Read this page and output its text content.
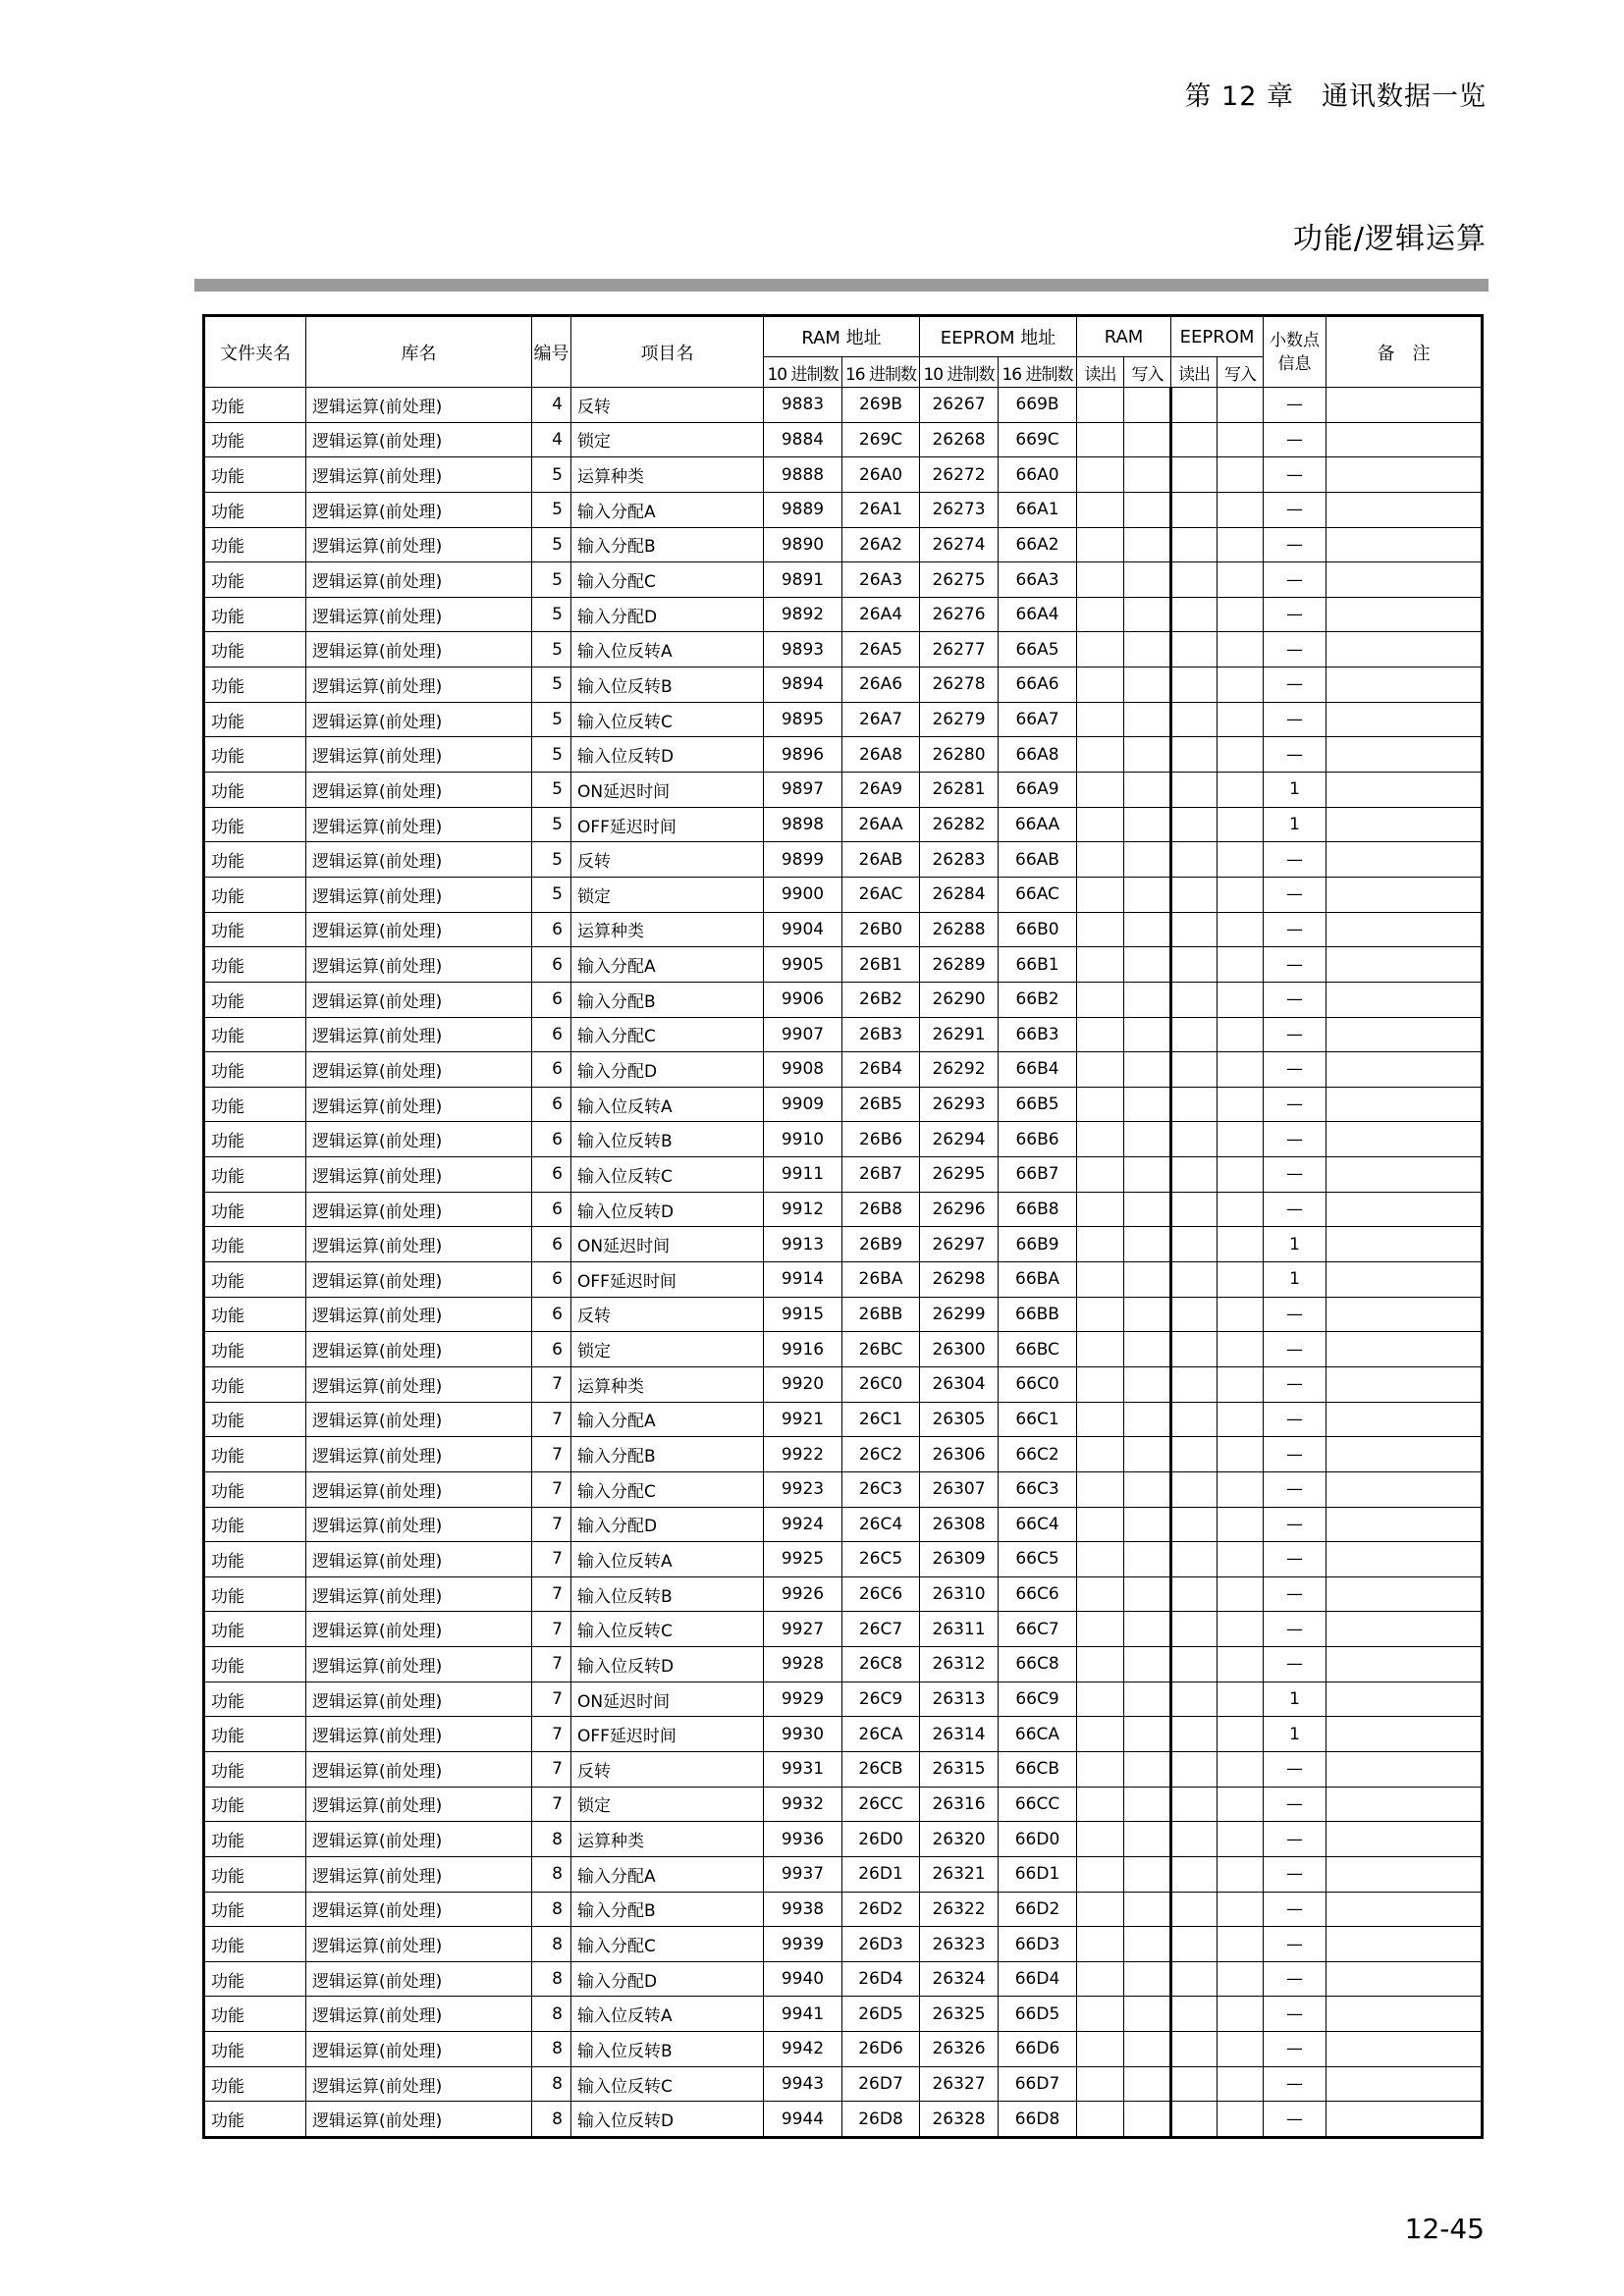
第 12 章　通讯数据一览
功能/逻辑运算
文件夹名	库名	编号	项目名	RAM 地址		EEPROM 地址		RAM		EEPROM		小数点信息	备　注
				10 进制数	16 进制数	10 进制数	16 进制数	读出	写入	读出	写入		
功能	逻辑运算(前处理)	4	反转	9883	269B	26267	669B					—	
功能	逻辑运算(前处理)	4	锁定	9884	269C	26268	669C					—	
功能	逻辑运算(前处理)	5	运算种类	9888	26A0	26272	66A0					—	
功能	逻辑运算(前处理)	5	输入分配A	9889	26A1	26273	66A1					—	
功能	逻辑运算(前处理)	5	输入分配B	9890	26A2	26274	66A2					—	
功能	逻辑运算(前处理)	5	输入分配C	9891	26A3	26275	66A3					—	
功能	逻辑运算(前处理)	5	输入分配D	9892	26A4	26276	66A4					—	
功能	逻辑运算(前处理)	5	输入位反转A	9893	26A5	26277	66A5					—	
功能	逻辑运算(前处理)	5	输入位反转B	9894	26A6	26278	66A6					—	
功能	逻辑运算(前处理)	5	输入位反转C	9895	26A7	26279	66A7					—	
功能	逻辑运算(前处理)	5	输入位反转D	9896	26A8	26280	66A8					—	
功能	逻辑运算(前处理)	5	ON延迟时间	9897	26A9	26281	66A9					1	
功能	逻辑运算(前处理)	5	OFF延迟时间	9898	26AA	26282	66AA					1	
功能	逻辑运算(前处理)	5	反转	9899	26AB	26283	66AB					—	
功能	逻辑运算(前处理)	5	锁定	9900	26AC	26284	66AC					—	
功能	逻辑运算(前处理)	6	运算种类	9904	26B0	26288	66B0					—	
功能	逻辑运算(前处理)	6	输入分配A	9905	26B1	26289	66B1					—	
功能	逻辑运算(前处理)	6	输入分配B	9906	26B2	26290	66B2					—	
功能	逻辑运算(前处理)	6	输入分配C	9907	26B3	26291	66B3					—	
功能	逻辑运算(前处理)	6	输入分配D	9908	26B4	26292	66B4					—	
功能	逻辑运算(前处理)	6	输入位反转A	9909	26B5	26293	66B5					—	
功能	逻辑运算(前处理)	6	输入位反转B	9910	26B6	26294	66B6					—	
功能	逻辑运算(前处理)	6	输入位反转C	9911	26B7	26295	66B7					—	
功能	逻辑运算(前处理)	6	输入位反转D	9912	26B8	26296	66B8					—	
功能	逻辑运算(前处理)	6	ON延迟时间	9913	26B9	26297	66B9					1	
功能	逻辑运算(前处理)	6	OFF延迟时间	9914	26BA	26298	66BA					1	
功能	逻辑运算(前处理)	6	反转	9915	26BB	26299	66BB					—	
功能	逻辑运算(前处理)	6	锁定	9916	26BC	26300	66BC					—	
功能	逻辑运算(前处理)	7	运算种类	9920	26C0	26304	66C0					—	
功能	逻辑运算(前处理)	7	输入分配A	9921	26C1	26305	66C1					—	
功能	逻辑运算(前处理)	7	输入分配B	9922	26C2	26306	66C2					—	
功能	逻辑运算(前处理)	7	输入分配C	9923	26C3	26307	66C3					—	
功能	逻辑运算(前处理)	7	输入分配D	9924	26C4	26308	66C4					—	
功能	逻辑运算(前处理)	7	输入位反转A	9925	26C5	26309	66C5					—	
功能	逻辑运算(前处理)	7	输入位反转B	9926	26C6	26310	66C6					—	
功能	逻辑运算(前处理)	7	输入位反转C	9927	26C7	26311	66C7					—	
功能	逻辑运算(前处理)	7	输入位反转D	9928	26C8	26312	66C8					—	
功能	逻辑运算(前处理)	7	ON延迟时间	9929	26C9	26313	66C9					1	
功能	逻辑运算(前处理)	7	OFF延迟时间	9930	26CA	26314	66CA					1	
功能	逻辑运算(前处理)	7	反转	9931	26CB	26315	66CB					—	
功能	逻辑运算(前处理)	7	锁定	9932	26CC	26316	66CC					—	
功能	逻辑运算(前处理)	8	运算种类	9936	26D0	26320	66D0					—	
功能	逻辑运算(前处理)	8	输入分配A	9937	26D1	26321	66D1					—	
功能	逻辑运算(前处理)	8	输入分配B	9938	26D2	26322	66D2					—	
功能	逻辑运算(前处理)	8	输入分配C	9939	26D3	26323	66D3					—	
功能	逻辑运算(前处理)	8	输入分配D	9940	26D4	26324	66D4					—	
功能	逻辑运算(前处理)	8	输入位反转A	9941	26D5	26325	66D5					—	
功能	逻辑运算(前处理)	8	输入位反转B	9942	26D6	26326	66D6					—	
功能	逻辑运算(前处理)	8	输入位反转C	9943	26D7	26327	66D7					—	
功能	逻辑运算(前处理)	8	输入位反转D	9944	26D8	26328	66D8					—	
12-45
